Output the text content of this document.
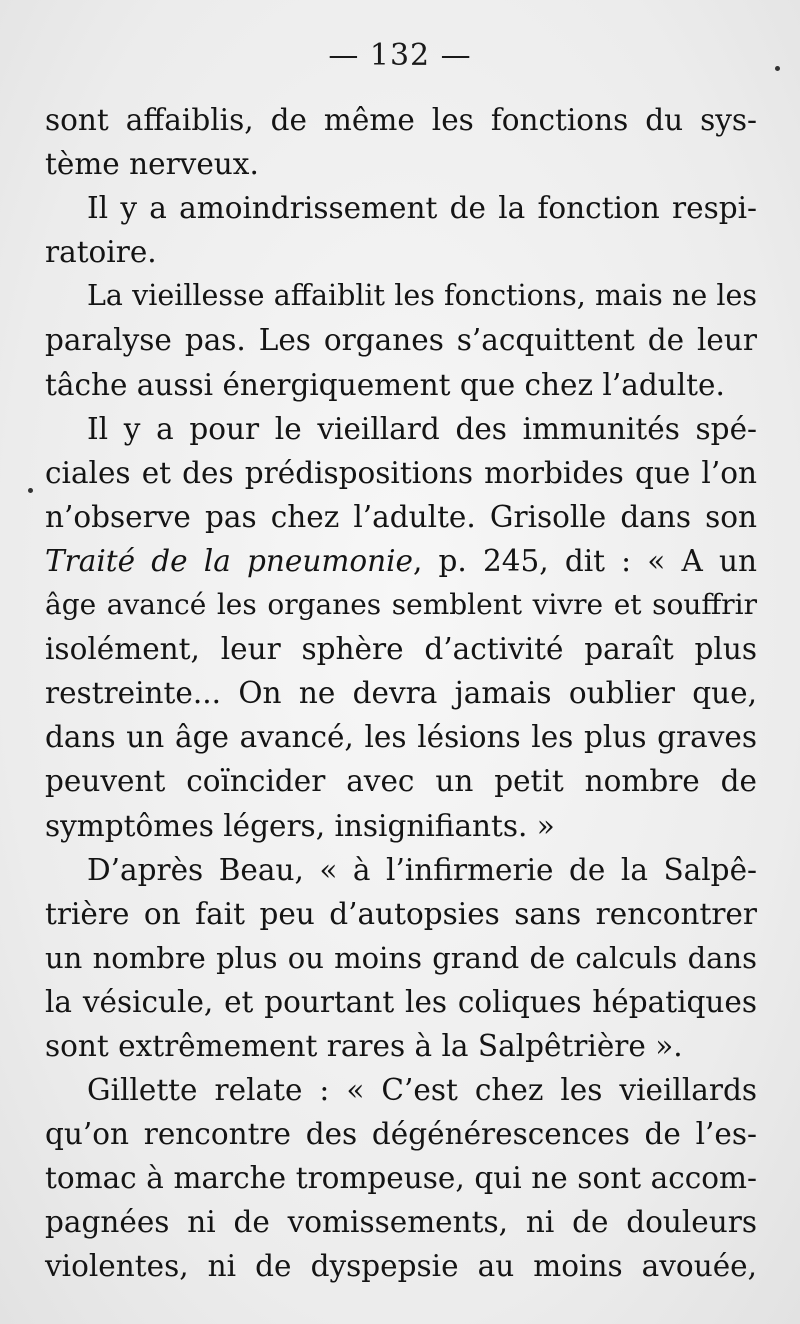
— 132 —
sont affaiblis, de même les fonctions du sys-
tème nerveux.
Il y a amoindrissement de la fonction respi-
ratoire.
La vieillesse affaiblit les fonctions, mais ne les
paralyse pas. Les organes s’acquittent de leur
tâche aussi énergiquement que chez l’adulte.
Il y a pour le vieillard des immunités spé-
ciales et des prédispositions morbides que l’on
n’observe pas chez l’adulte. Grisolle dans son
Traité de la pneumonie, p. 245, dit : « A un
âge avancé les organes semblent vivre et souffrir
isolément, leur sphère d’activité paraît plus
restreinte... On ne devra jamais oublier que,
dans un âge avancé, les lésions les plus graves
peuvent coïncider avec un petit nombre de
symptômes légers, insignifiants. »
D’après Beau, « à l’infirmerie de la Salpê-
trière on fait peu d’autopsies sans rencontrer
un nombre plus ou moins grand de calculs dans
la vésicule, et pourtant les coliques hépatiques
sont extrêmement rares à la Salpêtrière ».
Gillette relate : « C’est chez les vieillards
qu’on rencontre des dégénérescences de l’es-
tomac à marche trompeuse, qui ne sont accom-
pagnées ni de vomissements, ni de douleurs
violentes, ni de dyspepsie au moins avouée,
